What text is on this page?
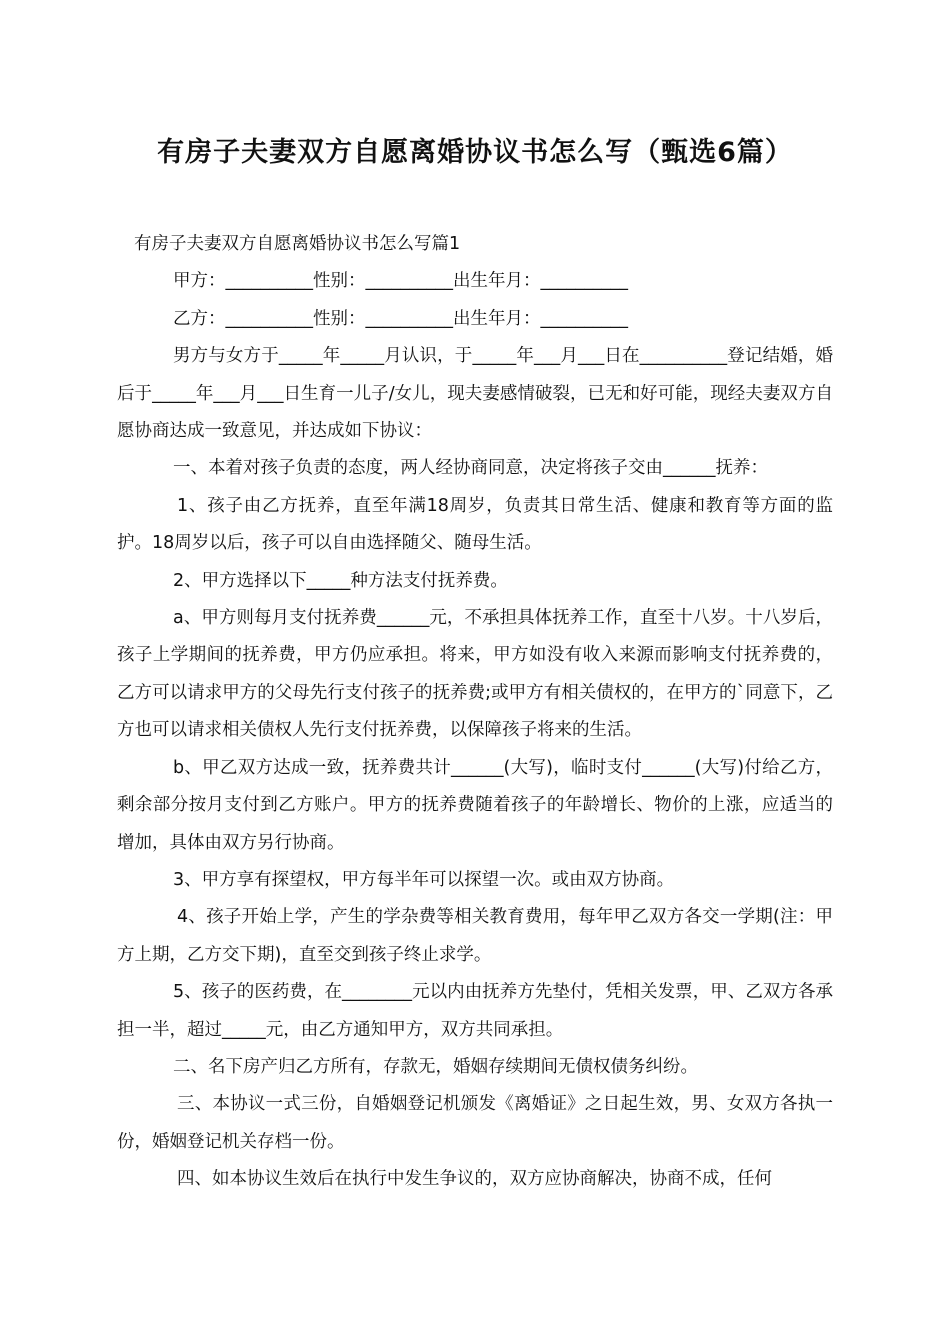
有房子夫妻双方自愿离婚协议书怎么写（甄选6篇）

有房子夫妻双方自愿离婚协议书怎么写篇1

甲方：__________性别：__________出生年月：__________

乙方：__________性别：__________出生年月：__________

男方与女方于_____年_____月认识，于_____年___月___日在__________登记结婚，婚后于_____年___月___日生育一儿子/女儿，现夫妻感情破裂，已无和好可能，现经夫妻双方自愿协商达成一致意见，并达成如下协议：

一、本着对孩子负责的态度，两人经协商同意，决定将孩子交由______抚养：

1、孩子由乙方抚养，直至年满18周岁，负责其日常生活、健康和教育等方面的监护。18周岁以后，孩子可以自由选择随父、随母生活。

2、甲方选择以下_____种方法支付抚养费。

a、甲方则每月支付抚养费______元，不承担具体抚养工作，直至十八岁。十八岁后，孩子上学期间的抚养费，甲方仍应承担。将来，甲方如没有收入来源而影响支付抚养费的，乙方可以请求甲方的父母先行支付孩子的抚养费;或甲方有相关债权的，在甲方的`同意下，乙方也可以请求相关债权人先行支付抚养费，以保障孩子将来的生活。

b、甲乙双方达成一致，抚养费共计______(大写)，临时支付______(大写)付给乙方，剩余部分按月支付到乙方账户。甲方的抚养费随着孩子的年龄增长、物价的上涨，应适当的增加，具体由双方另行协商。

3、甲方享有探望权，甲方每半年可以探望一次。或由双方协商。

4、孩子开始上学，产生的学杂费等相关教育费用，每年甲乙双方各交一学期(注：甲方上期，乙方交下期)，直至交到孩子终止求学。

5、孩子的医药费，在________元以内由抚养方先垫付，凭相关发票，甲、乙双方各承担一半，超过_____元，由乙方通知甲方，双方共同承担。

二、名下房产归乙方所有，存款无，婚姻存续期间无债权债务纠纷。

三、本协议一式三份，自婚姻登记机颁发《离婚证》之日起生效，男、女双方各执一份，婚姻登记机关存档一份。

四、如本协议生效后在执行中发生争议的，双方应协商解决，协商不成，任何
